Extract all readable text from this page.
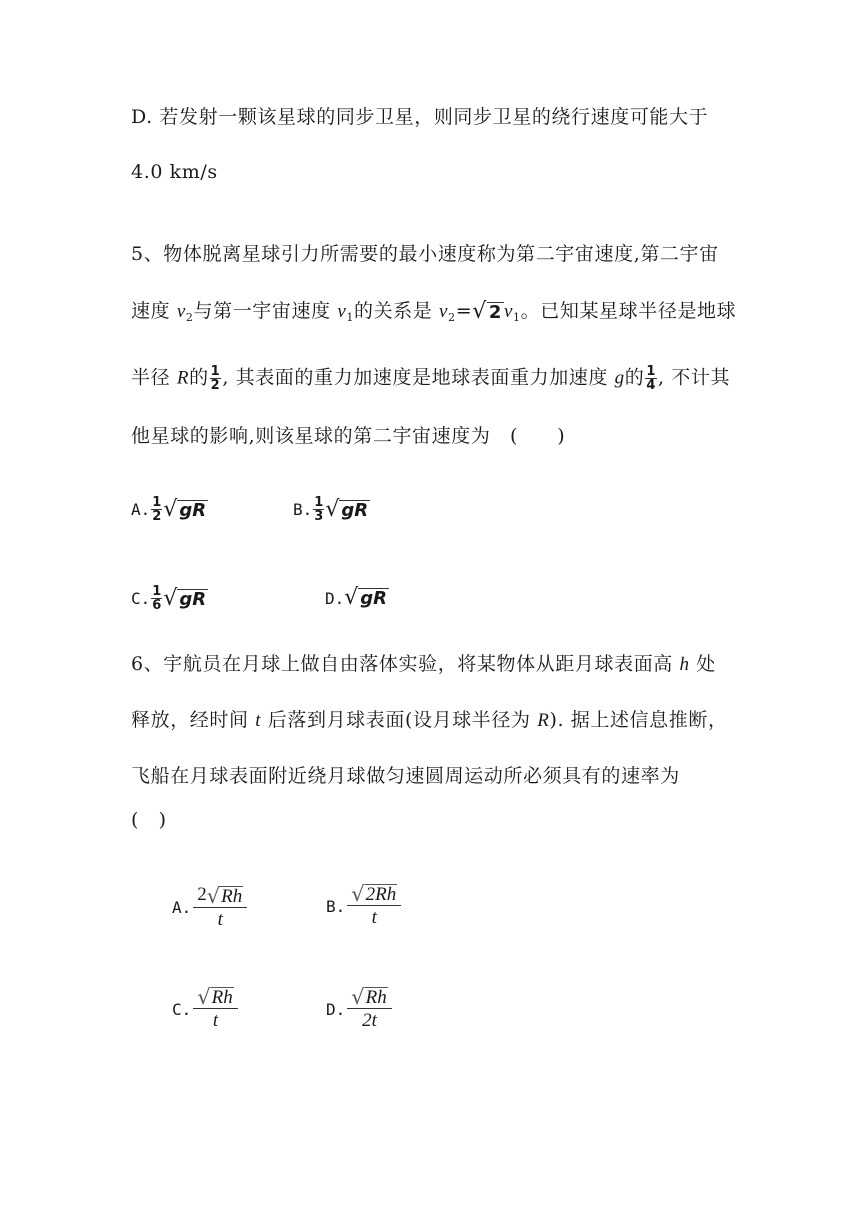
D. 若发射一颗该星球的同步卫星，则同步卫星的绕行速度可能大于
4.0 km/s
5、物体脱离星球引力所需要的最小速度称为第二宇宙速度,第二宇宙
速度 $v_2$与第一宇宙速度 $v_1$的关系是 $v_2=$ √ 2 $v_1$。已知某星球半径是地球
半径 R的 $\frac{1}{2}$ , 其表面的重力加速度是地球表面重力加速度 g的 $\frac{1}{4}$ , 不计其
他星球的影响,则该星球的第二宇宙速度为　(　　)
A. $\frac{1}{2}$ √ gR	B. $\frac{1}{3}$ √ gR
C. $\frac{1}{6}$ √ gR	D. √ gR
6、宇航员在月球上做自由落体实验，将某物体从距月球表面高 h 处
释放，经时间 t 后落到月球表面(设月球半径为 R). 据上述信息推断，
飞船在月球表面附近绕月球做匀速圆周运动所必须具有的速率为
(　)
A. $\frac{2 √ Rh}{t}$	B. $\frac{√ 2Rh}{t}$
C. $\frac{√ Rh}{t}$	D. $\frac{√ Rh}{2t}$
